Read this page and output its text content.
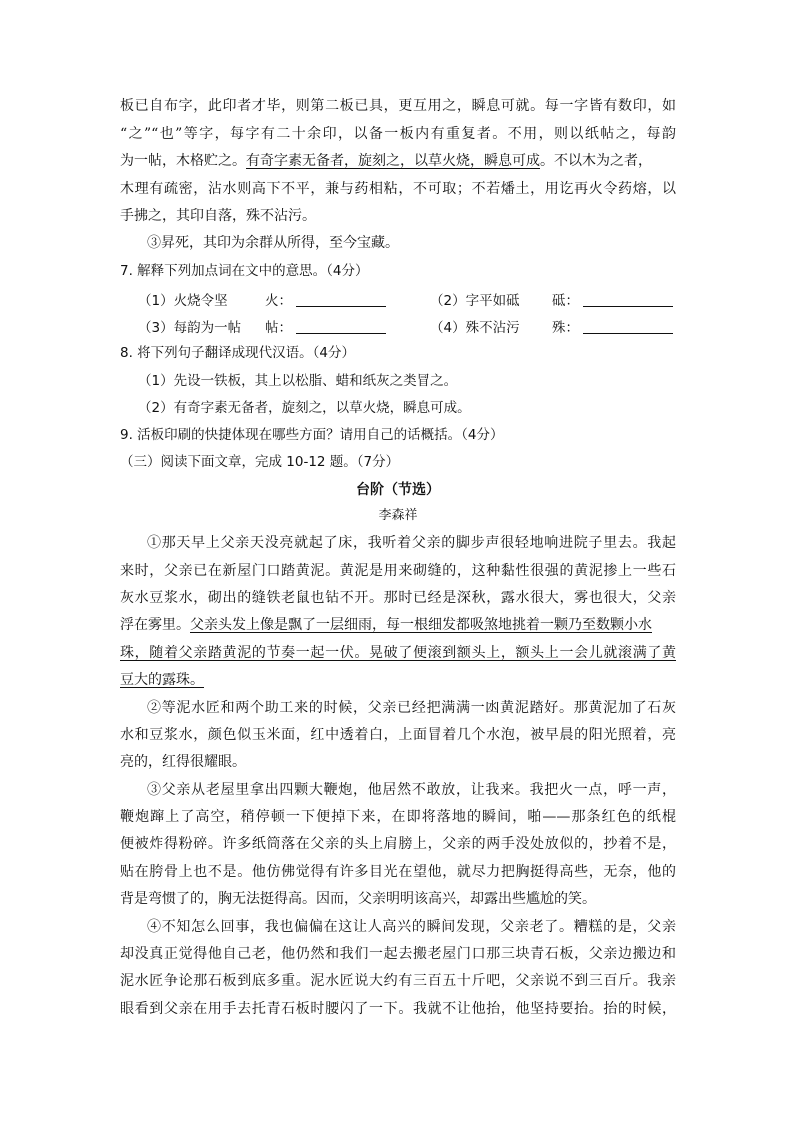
板已自布字，此印者才毕，则第二板已具，更互用之，瞬息可就。每一字皆有数印，如
“之”“也”等字，每字有二十余印，以备一板内有重复者。不用，则以纸帖之，每韵
为一帖，木格贮之。有奇字素无备者，旋刻之，以草火烧，瞬息可成。不以木为之者，
木理有疏密，沾水则高下不平，兼与药相粘，不可取；不若燔土，用讫再火令药熔，以
手拂之，其印自落，殊不沾污。
③昇死，其印为余群从所得，至今宝藏。
7. 解释下列加点词在文中的意思。（4分）
（1）火烧令坚	火：	（2）字平如砥 砥：
（3）每韵为一帖 帖：	（4）殊不沾污 殊：
8. 将下列句子翻译成现代汉语。（4分）
（1）先设一铁板，其上以松脂、蜡和纸灰之类冒之。
（2）有奇字素无备者，旋刻之，以草火烧，瞬息可成。
9. 活板印刷的快捷体现在哪些方面？请用自己的话概括。（4分）
（三）阅读下面文章，完成 10-12 题。（7分）
台阶（节选）
李森祥
①那天早上父亲天没亮就起了床，我听着父亲的脚步声很轻地响进院子里去。我起
来时，父亲已在新屋门口踏黄泥。黄泥是用来砌缝的，这种黏性很强的黄泥掺上一些石
灰水豆浆水，砌出的缝铁老鼠也钻不开。那时已经是深秋，露水很大，雾也很大，父亲
浮在雾里。父亲头发上像是飘了一层细雨，每一根细发都吸煞地挑着一颗乃至数颗小水
珠，随着父亲踏黄泥的节奏一起一伏。晃破了便滚到额头上，额头上一会儿就滚满了黄
豆大的露珠。
②等泥水匠和两个助工来的时候，父亲已经把满满一凼黄泥踏好。那黄泥加了石灰
水和豆浆水，颜色似玉米面，红中透着白，上面冒着几个水泡，被早晨的阳光照着，亮
亮的，红得很耀眼。
③父亲从老屋里拿出四颗大鞭炮，他居然不敢放，让我来。我把火一点，呼一声，
鞭炮蹿上了高空，稍停顿一下便掉下来，在即将落地的瞬间，啪——那条红色的纸棍
便被炸得粉碎。许多纸筒落在父亲的头上肩膀上，父亲的两手没处放似的，抄着不是，
贴在胯骨上也不是。他仿佛觉得有许多目光在望他，就尽力把胸挺得高些，无奈，他的
背是弯惯了的，胸无法挺得高。因而，父亲明明该高兴，却露出些尴尬的笑。
④不知怎么回事，我也偏偏在这让人高兴的瞬间发现，父亲老了。糟糕的是，父亲
却没真正觉得他自己老，他仍然和我们一起去搬老屋门口那三块青石板，父亲边搬边和
泥水匠争论那石板到底多重。泥水匠说大约有三百五十斤吧，父亲说不到三百斤。我亲
眼看到父亲在用手去托青石板时腰闪了一下。我就不让他抬，他坚持要抬。抬的时候，
